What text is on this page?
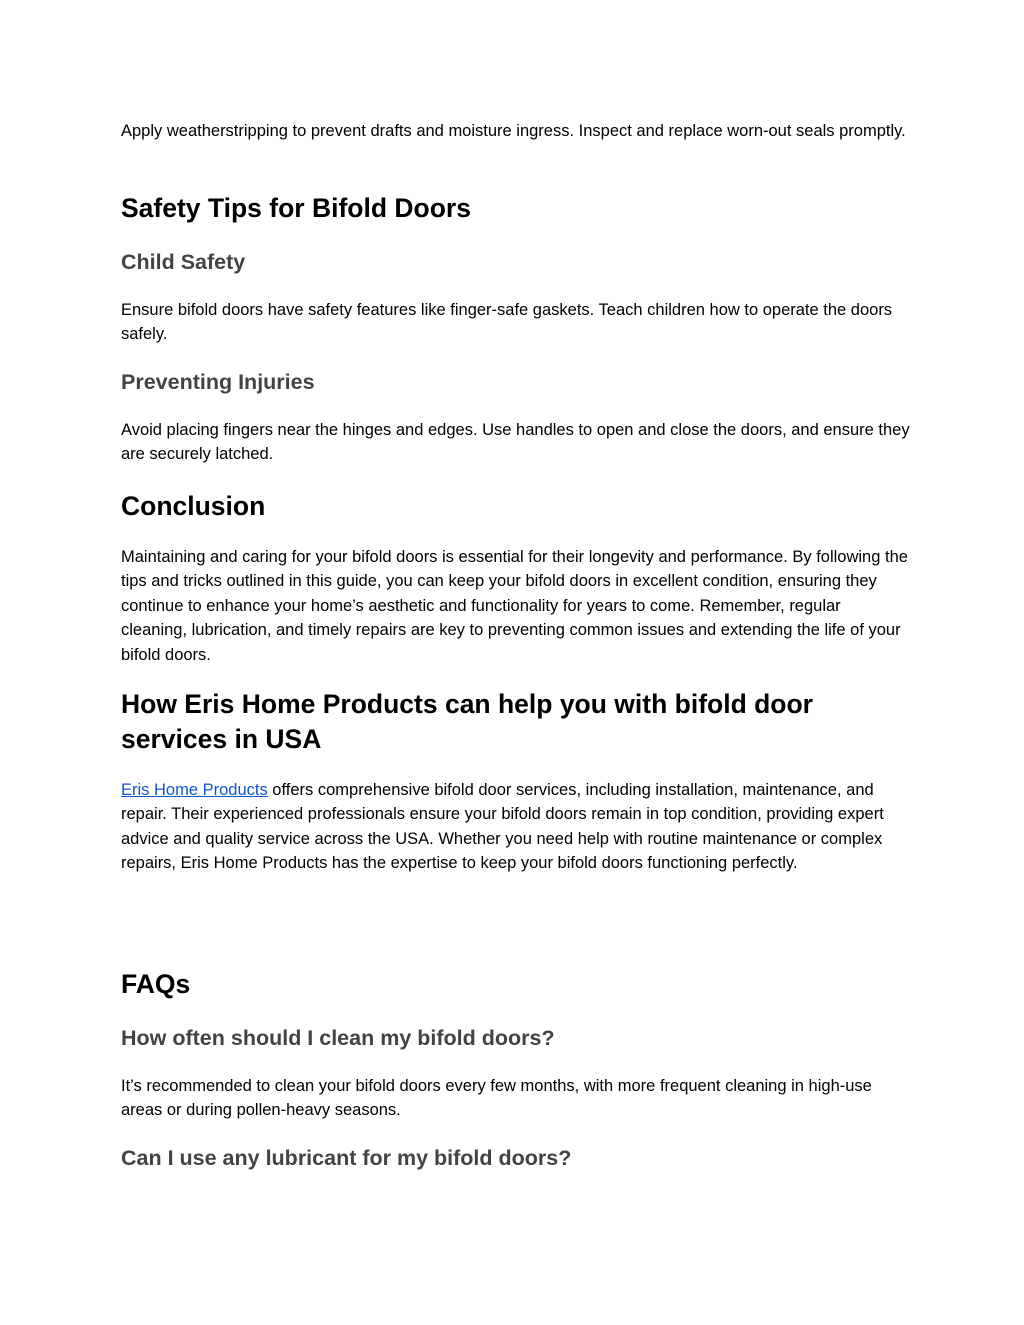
Apply weatherstripping to prevent drafts and moisture ingress. Inspect and replace worn-out seals promptly.

Safety Tips for Bifold Doors
Child Safety

Ensure bifold doors have safety features like finger-safe gaskets. Teach children how to operate the doors safely.

Preventing Injuries

Avoid placing fingers near the hinges and edges. Use handles to open and close the doors, and ensure they are securely latched.

Conclusion

Maintaining and caring for your bifold doors is essential for their longevity and performance. By following the tips and tricks outlined in this guide, you can keep your bifold doors in excellent condition, ensuring they continue to enhance your home’s aesthetic and functionality for years to come. Remember, regular cleaning, lubrication, and timely repairs are key to preventing common issues and extending the life of your bifold doors.

How Eris Home Products can help you with bifold door services in USA

Eris Home Products offers comprehensive bifold door services, including installation, maintenance, and repair. Their experienced professionals ensure your bifold doors remain in top condition, providing expert advice and quality service across the USA. Whether you need help with routine maintenance or complex repairs, Eris Home Products has the expertise to keep your bifold doors functioning perfectly.

FAQs
How often should I clean my bifold doors?

It’s recommended to clean your bifold doors every few months, with more frequent cleaning in high-use areas or during pollen-heavy seasons.

Can I use any lubricant for my bifold doors?
